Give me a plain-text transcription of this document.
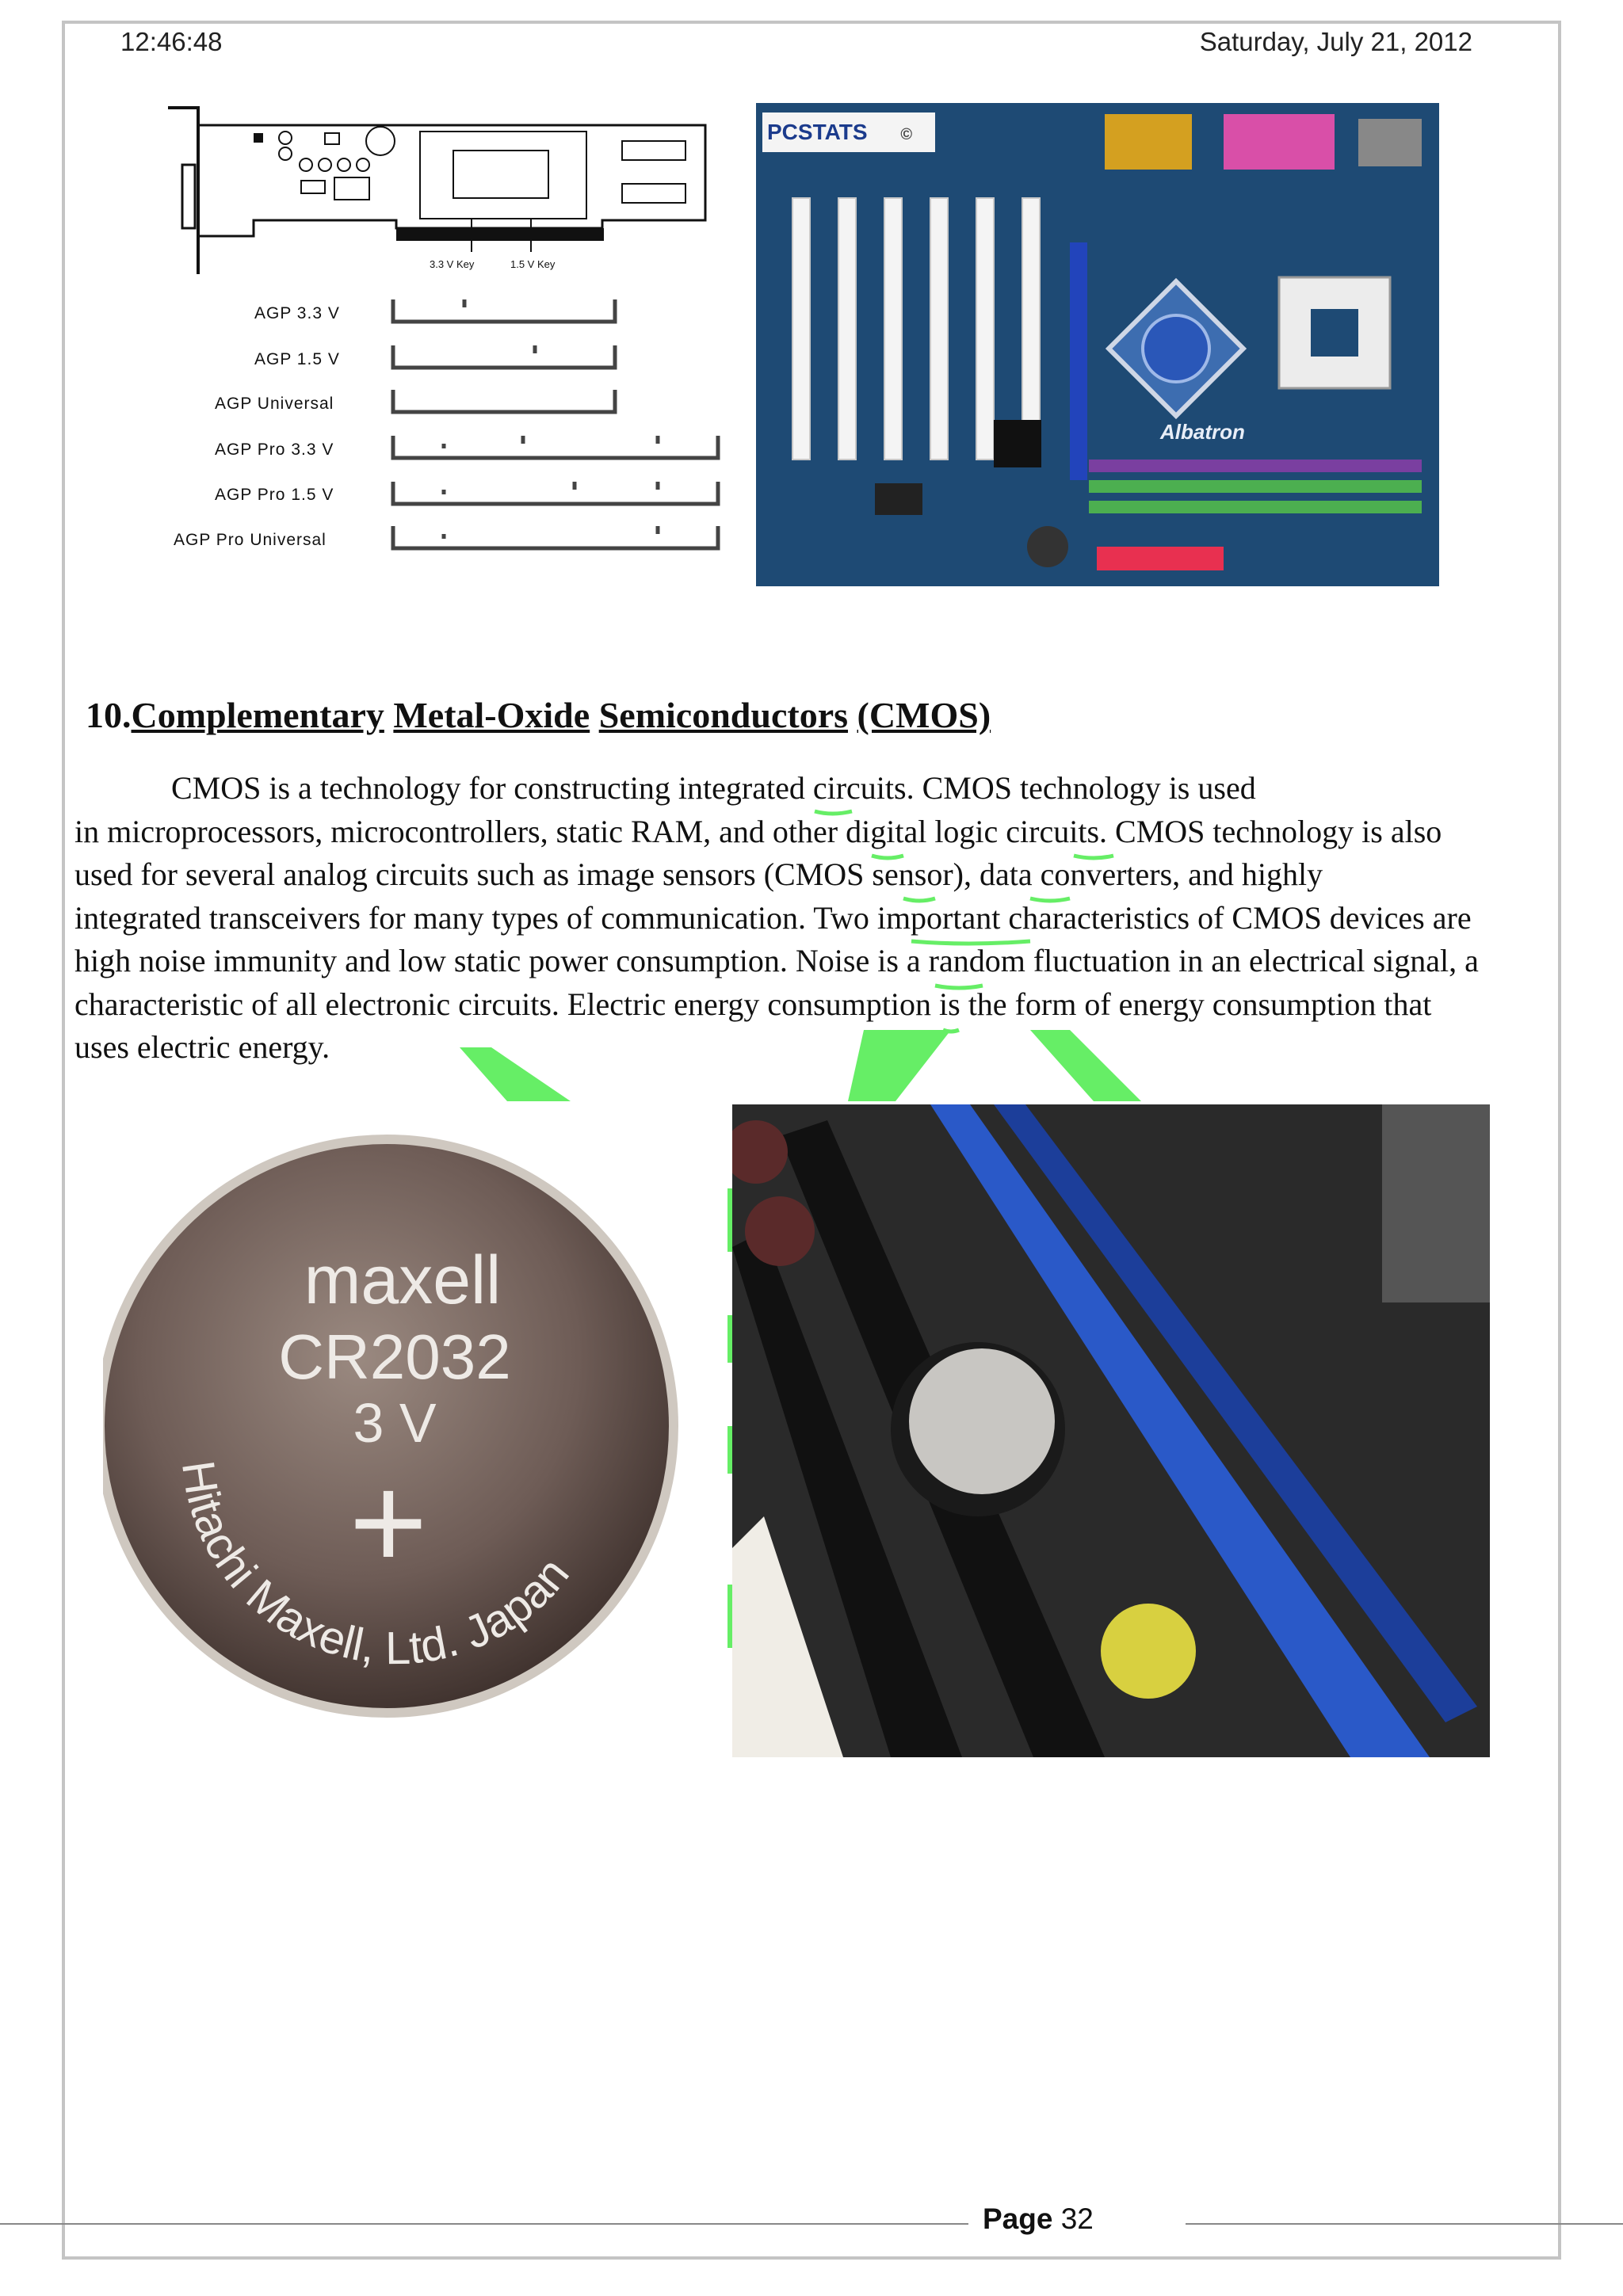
12:46:48	Saturday, July 21, 2012
3.3 V Key	1.5 V Key
AGP 3.3 V
AGP 1.5 V
AGP Universal
AGP Pro 3.3 V
AGP Pro 1.5 V
AGP Pro Universal
PCSTATS ©
Albatron
10.Complementary Metal-Oxide Semiconductors (CMOS)
CMOS is a technology for constructing integrated circuits. CMOS technology is used
in microprocessors, microcontrollers, static RAM, and other digital logic circuits. CMOS technology is also
used for several analog circuits such as image sensors (CMOS sensor), data converters, and highly
integrated transceivers for many types of communication. Two important characteristics of CMOS devices are
high noise immunity and low static power consumption. Noise is a random fluctuation in an electrical signal, a
characteristic of all electronic circuits. Electric energy consumption is the form of energy consumption that
uses electric energy.
maxell
CR2032
3 V
+
Hitachi Maxell, Ltd. Japan
Page 32
